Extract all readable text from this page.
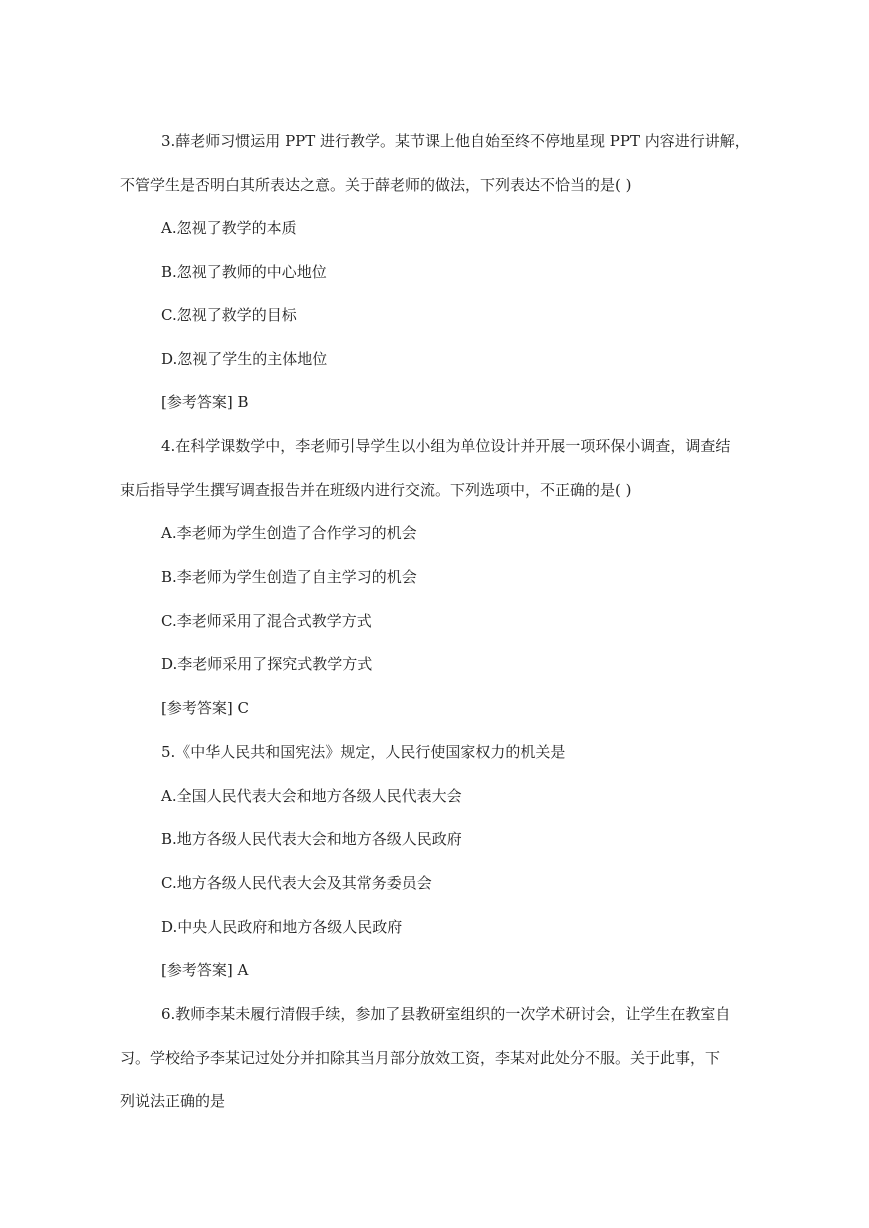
3.薛老师习惯运用 PPT 进行教学。某节课上他自始至终不停地星现 PPT 内容进行讲解，
不管学生是否明白其所表达之意。关于薛老师的做法，下列表达不恰当的是( )
A.忽视了教学的本质
B.忽视了教师的中心地位
C.忽视了救学的目标
D.忽视了学生的主体地位
[参考答案] B
4.在科学课数学中，李老师引导学生以小组为单位设计并开展一项环保小调查，调查结
束后指导学生撰写调查报告并在班级内进行交流。下列选项中，不正确的是( )
A.李老师为学生创造了合作学习的机会
B.李老师为学生创造了自主学习的机会
C.李老师采用了混合式教学方式
D.李老师采用了探究式教学方式
[参考答案] C
5.《中华人民共和国宪法》规定，人民行使国家权力的机关是
A.全国人民代表大会和地方各级人民代表大会
B.地方各级人民代表大会和地方各级人民政府
C.地方各级人民代表大会及其常务委员会
D.中央人民政府和地方各级人民政府
[参考答案] A
6.教师李某未履行清假手续，参加了县教研室组织的一次学术研讨会，让学生在教室自
习。学校给予李某记过处分并扣除其当月部分放效工资，李某对此处分不服。关于此事，下
列说法正确的是
